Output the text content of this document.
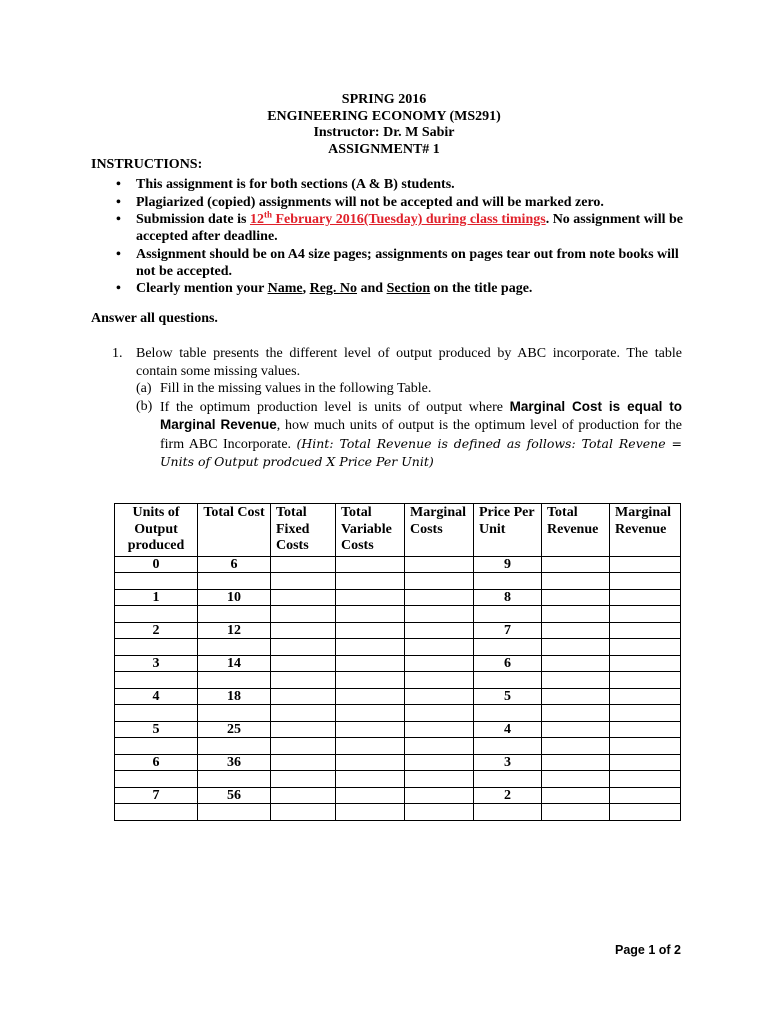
SPRING 2016
ENGINEERING ECONOMY (MS291)
Instructor: Dr. M Sabir
ASSIGNMENT# 1
INSTRUCTIONS:
• This assignment is for both sections (A & B) students.
• Plagiarized (copied) assignments will not be accepted and will be marked zero.
• Submission date is 12th February 2016(Tuesday) during class timings. No assignment will be accepted after deadline.
• Assignment should be on A4 size pages; assignments on pages tear out from note books will not be accepted.
• Clearly mention your Name, Reg. No and Section on the title page.
Answer all questions.
1. Below table presents the different level of output produced by ABC incorporate. The table contain some missing values.
(a) Fill in the missing values in the following Table.
(b) If the optimum production level is units of output where Marginal Cost is equal to Marginal Revenue, how much units of output is the optimum level of production for the firm ABC Incorporate. (Hint: Total Revenue is defined as follows: Total Revene = Units of Output prodcued X Price Per Unit)
Units of Output produced	Total Cost	Total Fixed Costs	Total Variable Costs	Marginal Costs	Price Per Unit	Total Revenue	Marginal Revenue
0	6				9		

1	10				8		

2	12				7		

3	14				6		

4	18				5		

5	25				4		

6	36				3		

7	56				2		

Page 1 of 2
